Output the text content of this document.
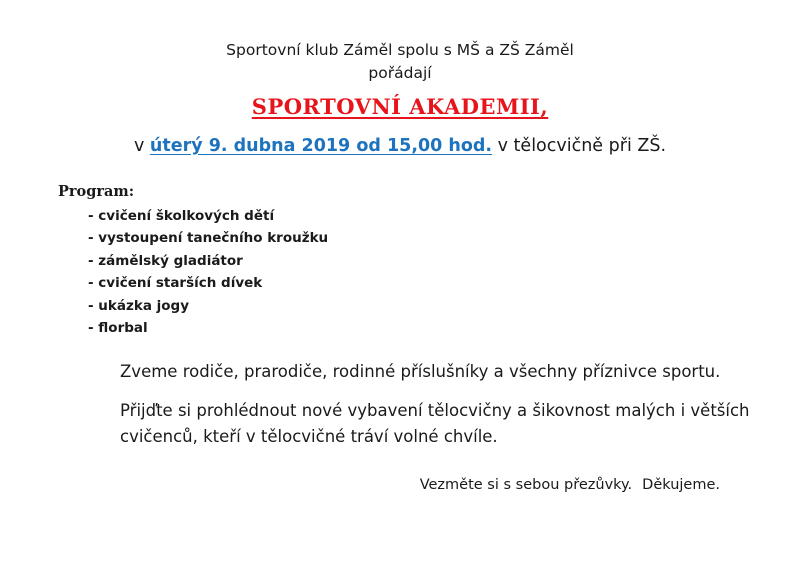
Sportovní klub Záměl spolu s MŠ a ZŠ Záměl
pořádají
SPORTOVNÍ AKADEMII,
v úterý 9. dubna 2019 od 15,00 hod. v tělocvičně při ZŠ.
Program:
- cvičení školkových dětí
- vystoupení tanečního kroužku
- zámělský gladiátor
- cvičení starších dívek
- ukázka jogy
- florbal
Zveme rodiče, prarodiče, rodinné příslušníky a všechny příznivce sportu.
Přijďte si prohlédnout nové vybavení tělocvičny a šikovnost malých i větších
cvičenců, kteří v tělocvičné tráví volné chvíle.
Vezměte si s sebou přezůvky. Děkujeme.
